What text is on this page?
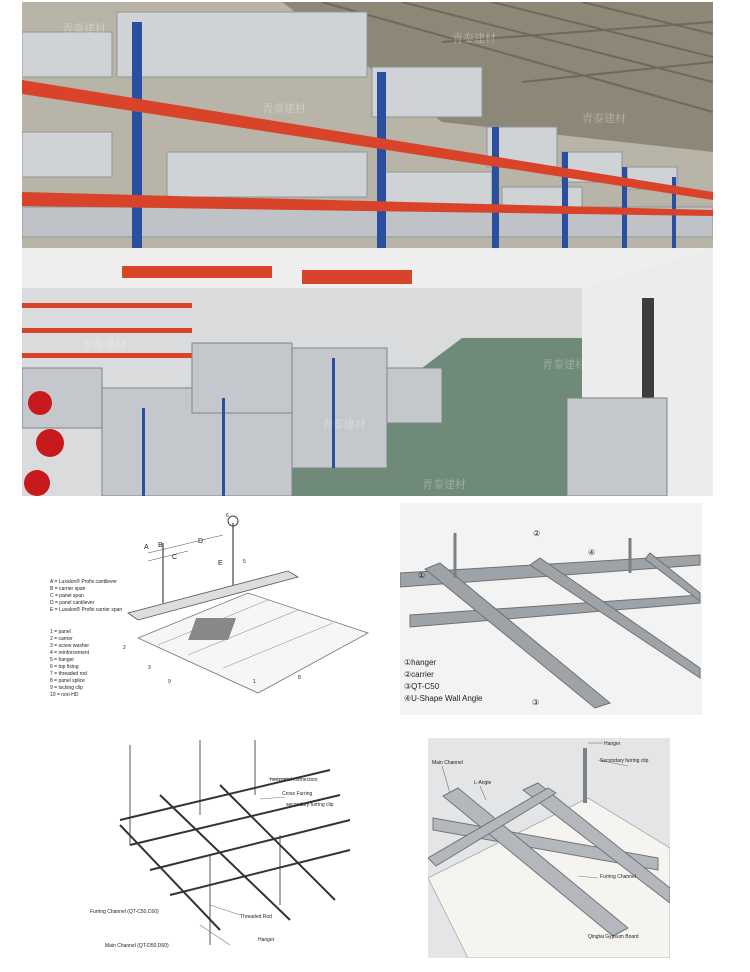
青泰建材
青泰建材
青泰建材
青泰建材
青泰建材
青泰建材
青泰建材
青泰建材
A B
C
D
E
2
3
9	1
8
6
5
A = Luxalon® Profix cantilever
B = carrier span
C = panel span
D = panel cantilever
E = Luxalon® Profix carrier span
1 = panel
2 = carrier
3 = screw washer
4 = reinforcement
5 = hanger
6 = top fixing
7 = threaded rod
8 = panel splice
9 = locking clip
10 = non-HD
①
②
④
③
①hanger
②carrier
③QT-C50
④U-Shape Wall Angle
horizontal connectors
Cross Furring
secondary furring clip
Furring Channel (QT-C50,C60)
Threaded Rod
Hanger
Main Channel (QT-D50,D60)
Hanger
Main Channel
L-Angle
Secondary furring clip
Furring Channel
Qingtai Gypsum Board
